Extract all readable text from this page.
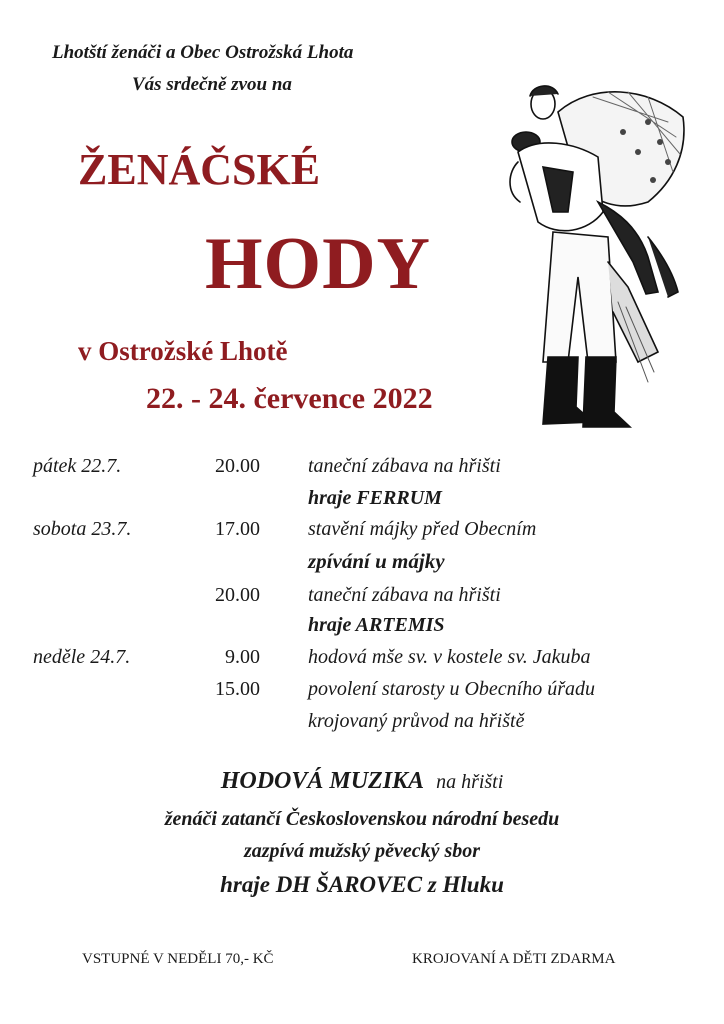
Lhotští ženáči a Obec Ostrožská Lhota
Vás srdečně zvou na
ŽENÁČSKÉ
HODY
v Ostrožské Lhotě
22. - 24. července 2022
pátek 22.7.	20.00 taneční zábava na hřišti
hraje FERRUM
sobota 23.7.	17.00 stavění májky před Obecním
zpívání u májky
20.00 taneční zábava na hřišti
hraje ARTEMIS
neděle 24.7.	9.00 hodová mše sv. v kostele sv. Jakuba
15.00 povolení starosty u Obecního úřadu
krojovaný průvod na hřiště
HODOVÁ MUZIKA na hřišti
ženáči zatančí Československou národní besedu
zazpívá mužský pěvecký sbor
hraje DH ŠAROVEC z Hluku
VSTUPNÉ V NEDĚLI 70,- KČ	KROJOVANÍ A DĚTI ZDARMA
